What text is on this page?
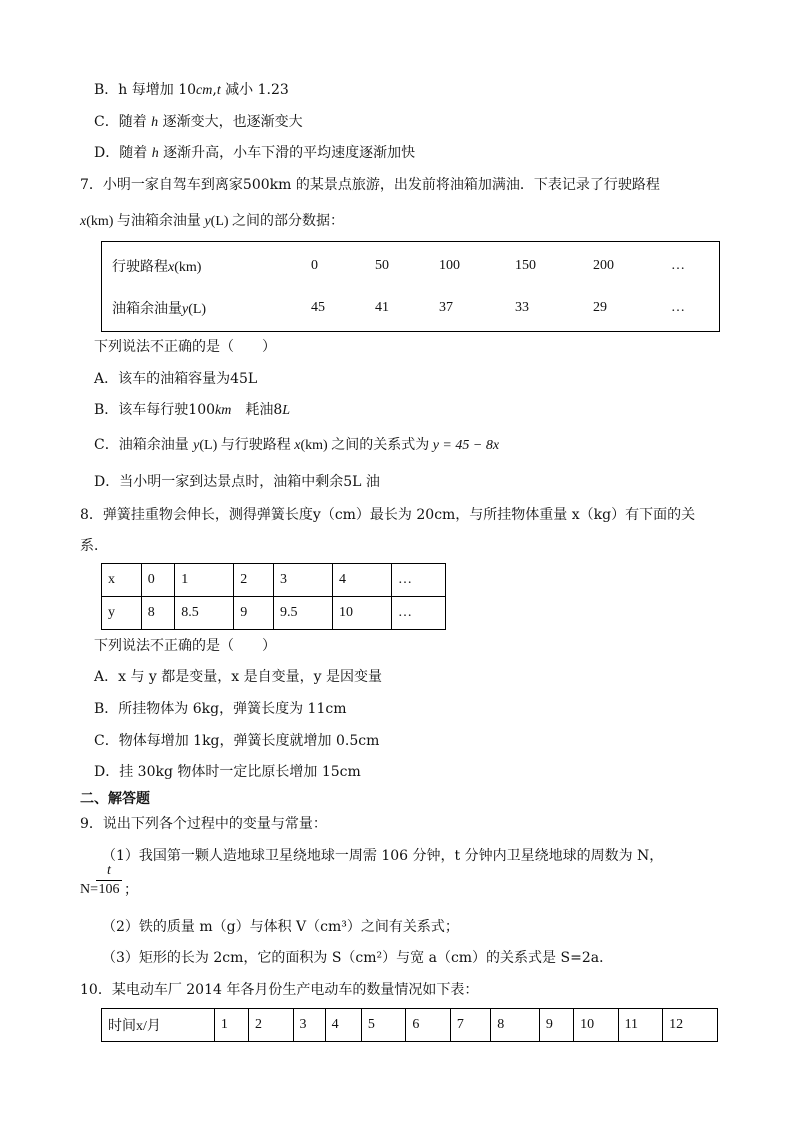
B．h 每增加 10cm,t 减小 1.23
C．随着 h 逐渐变大，也逐渐变大
D．随着 h 逐渐升高，小车下滑的平均速度逐渐加快
7．小明一家自驾车到离家500km 的某景点旅游，出发前将油箱加满油．下表记录了行驶路程
x(km) 与油箱余油量 y(L) 之间的部分数据：
行驶路程x(km)	0	50	100	150	200	…
油箱余油量y(L)	45	41	37	33	29	…
下列说法不正确的是（　　）
A．该车的油箱容量为45L
B．该车每行驶100km　耗油8L
C．油箱余油量 y(L) 与行驶路程 x(km) 之间的关系式为 y = 45 − 8x
D．当小明一家到达景点时，油箱中剩余5L 油
8．弹簧挂重物会伸长，测得弹簧长度y（cm）最长为 20cm，与所挂物体重量 x（kg）有下面的关
系．
x	0	1	2	3	4	…
y	8	8.5	9	9.5	10	…
下列说法不正确的是（　　）
A．x 与 y 都是变量，x 是自变量，y 是因变量
B．所挂物体为 6kg，弹簧长度为 11cm
C．物体每增加 1kg，弹簧长度就增加 0.5cm
D．挂 30kg 物体时一定比原长增加 15cm
二、解答题
9．说出下列各个过程中的变量与常量：
（1）我国第一颗人造地球卫星绕地球一周需 106 分钟，t 分钟内卫星绕地球的周数为 N，
N=
$\frac{t}{106}$ ；
（2）铁的质量 m（g）与体积 V（cm³）之间有关系式；
（3）矩形的长为 2cm，它的面积为 S（cm²）与宽 a（cm）的关系式是 S=2a．
10．某电动车厂 2014 年各月份生产电动车的数量情况如下表：
时间x/月	1	2	3	4	5	6	7	8	9	10	11	12
